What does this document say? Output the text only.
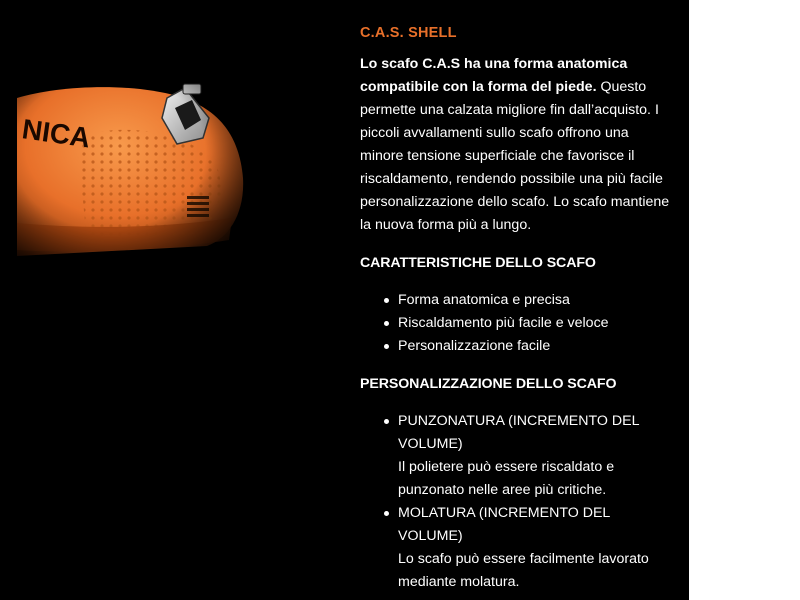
C.A.S. SHELL

Lo scafo C.A.S ha una forma anatomica compatibile con la forma del piede. Questo permette una calzata migliore fin dall’acquisto. I piccoli avvallamenti sullo scafo offrono una minore tensione superficiale che favorisce il riscaldamento, rendendo possibile una più facile personalizzazione dello scafo. Lo scafo mantiene la nuova forma più a lungo.

CARATTERISTICHE DELLO SCAFO
Forma anatomica e precisa
Riscaldamento più facile e veloce
Personalizzazione facile
PERSONALIZZAZIONE DELLO SCAFO
PUNZONATURA (INCREMENTO DEL VOLUME)
Il polietere può essere riscaldato e punzonato nelle aree più critiche.
MOLATURA (INCREMENTO DEL VOLUME)
Lo scafo può essere facilmente lavorato mediante molatura.
